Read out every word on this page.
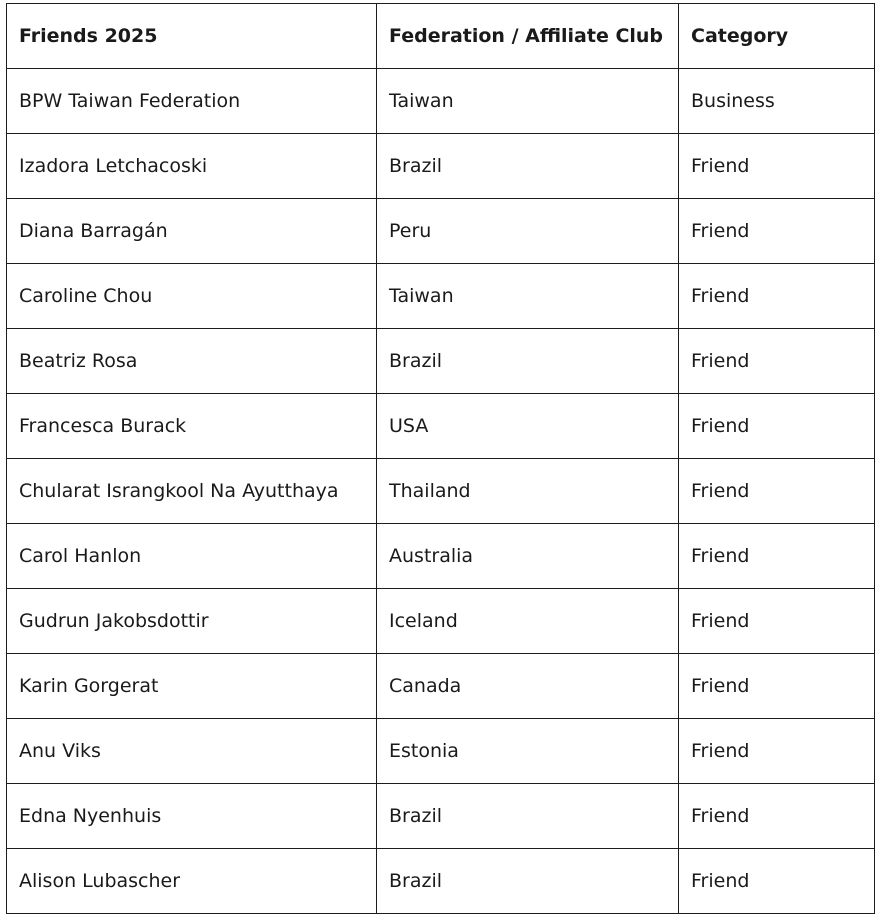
Friends 2025	Federation / Affiliate Club	Category
BPW Taiwan Federation	Taiwan	Business
Izadora Letchacoski	Brazil	Friend
Diana Barragán	Peru	Friend
Caroline Chou	Taiwan	Friend
Beatriz Rosa	Brazil	Friend
Francesca Burack	USA	Friend
Chularat Israngkool Na Ayutthaya	Thailand	Friend
Carol Hanlon	Australia	Friend
Gudrun Jakobsdottir	Iceland	Friend
Karin Gorgerat	Canada	Friend
Anu Viks	Estonia	Friend
Edna Nyenhuis	Brazil	Friend
Alison Lubascher	Brazil	Friend
